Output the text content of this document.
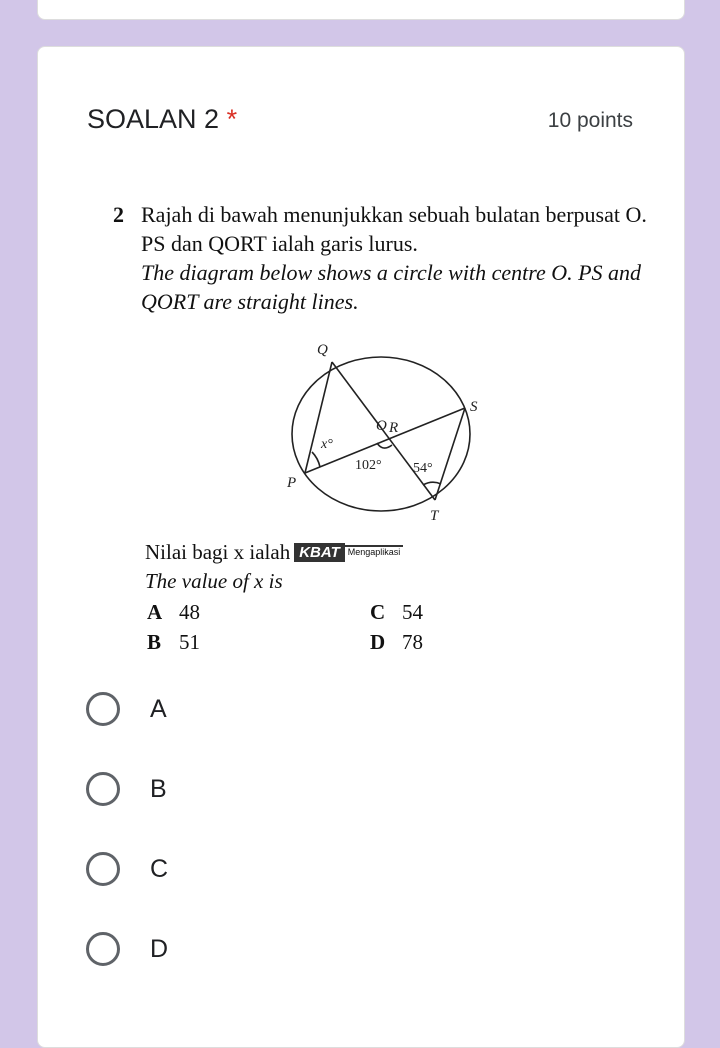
SOALAN 2 *	10 points
2 Rajah di bawah menunjukkan sebuah bulatan berpusat O. PS dan QORT ialah garis lurus.
The diagram below shows a circle with centre O. PS and QORT are straight lines.
Q
S
O R
P
T
x°
102° 54°
Nilai bagi x ialah KBAT Mengaplikasi
The value of x is
A 48
B 51
C 54
D 78
A
B
C
D
